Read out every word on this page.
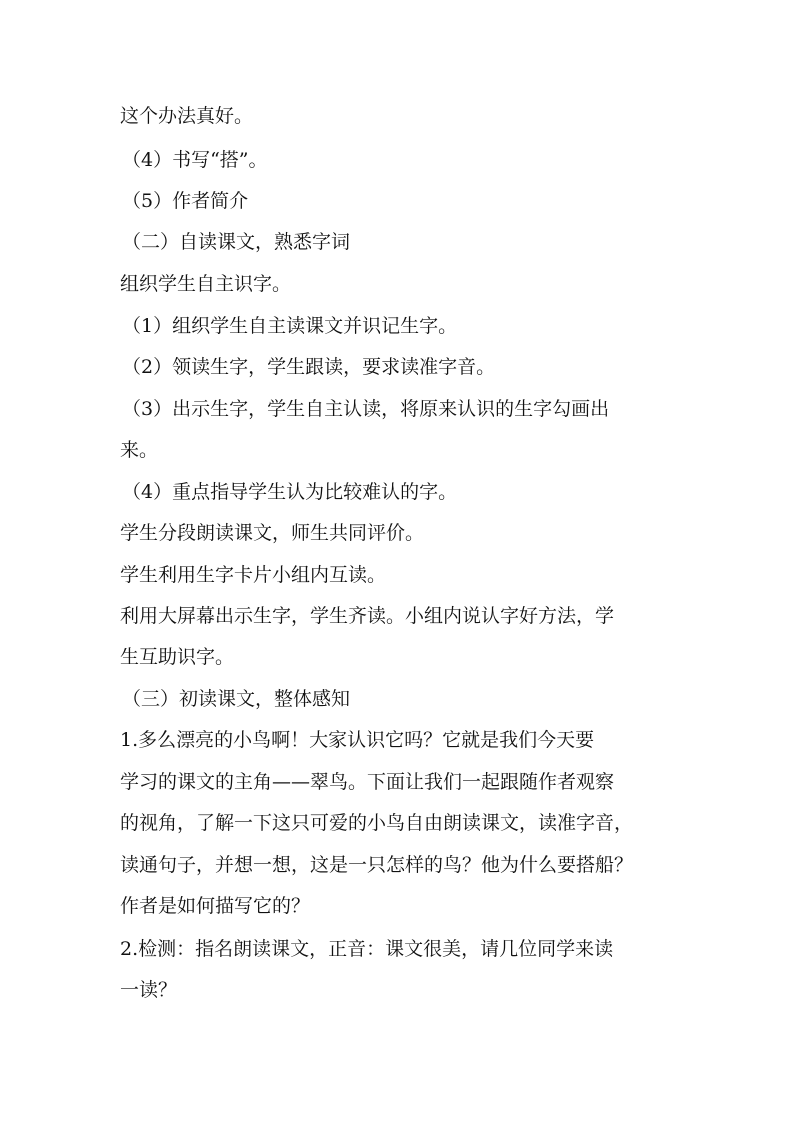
这个办法真好。
（4）书写“搭”。
（5）作者简介
（二）自读课文，熟悉字词
组织学生自主识字。
（1）组织学生自主读课文并识记生字。
（2）领读生字，学生跟读，要求读准字音。
（3）出示生字，学生自主认读，将原来认识的生字勾画出
来。
（4）重点指导学生认为比较难认的字。
学生分段朗读课文，师生共同评价。
学生利用生字卡片小组内互读。
利用大屏幕出示生字，学生齐读。小组内说认字好方法，学
生互助识字。
（三）初读课文，整体感知
1.多么漂亮的小鸟啊！大家认识它吗？它就是我们今天要
学习的课文的主角——翠鸟。下面让我们一起跟随作者观察
的视角，了解一下这只可爱的小鸟自由朗读课文，读准字音，
读通句子，并想一想，这是一只怎样的鸟？他为什么要搭船？
作者是如何描写它的？
2.检测：指名朗读课文，正音：课文很美，请几位同学来读
一读？
